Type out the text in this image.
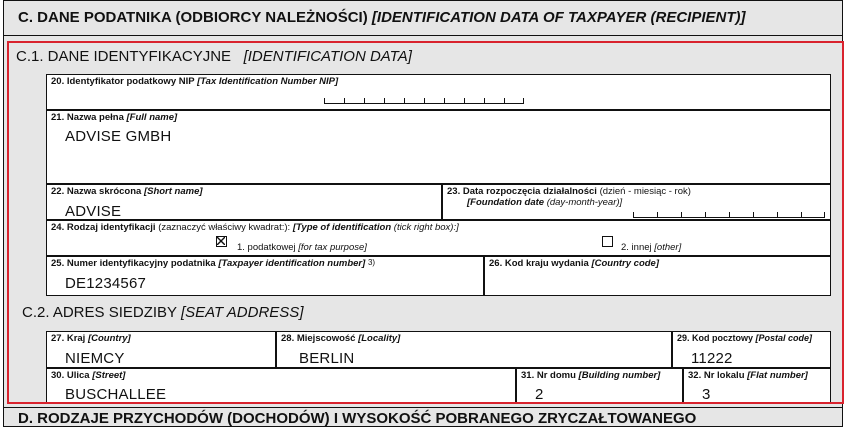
C. DANE PODATNIKA (ODBIORCY NALEŻNOŚCI) [IDENTIFICATION DATA OF TAXPAYER (RECIPIENT)]
C.1. DANE IDENTYFIKACYJNE [IDENTIFICATION DATA]
20. Identyfikator podatkowy NIP [Tax Identification Number NIP]
21. Nazwa pełna [Full name]
ADVISE GMBH
22. Nazwa skrócona [Short name]
ADVISE
23. Data rozpoczęcia działalności (dzień - miesiąc - rok)
[Foundation date (day-month-year)]
24. Rodzaj identyfikacji (zaznaczyć właściwy kwadrat:): [Type of identification (tick right box):]
1. podatkowej [for tax purpose]	2. innej [other]
25. Numer identyfikacyjny podatnika [Taxpayer identification number] $^{3)}$
DE1234567
26. Kod kraju wydania [Country code]
C.2. ADRES SIEDZIBY [SEAT ADDRESS]
27. Kraj [Country]
NIEMCY
28. Miejscowość [Locality]
BERLIN
29. Kod pocztowy [Postal code]
11222
30. Ulica [Street]
BUSCHALLEE
31. Nr domu [Building number]
2
32. Nr lokalu [Flat number]
3
D. RODZAJE PRZYCHODÓW (DOCHODÓW) I WYSOKOŚĆ POBRANEGO ZRYCZAŁTOWANEGO
